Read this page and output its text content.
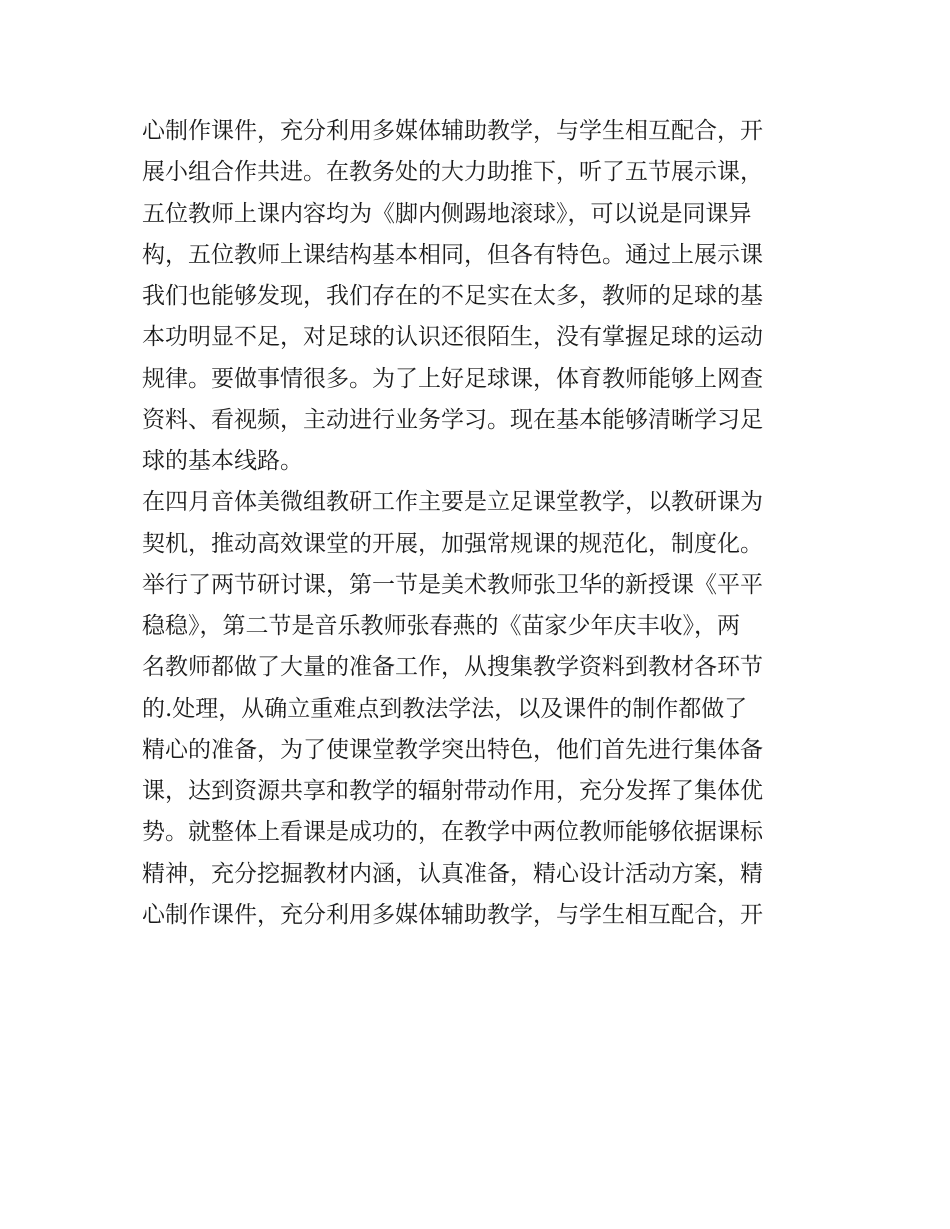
心制作课件，充分利用多媒体辅助教学，与学生相互配合，开
展小组合作共进。在教务处的大力助推下，听了五节展示课，
五位教师上课内容均为《脚内侧踢地滚球》，可以说是同课异
构，五位教师上课结构基本相同，但各有特色。通过上展示课
我们也能够发现，我们存在的不足实在太多，教师的足球的基
本功明显不足，对足球的认识还很陌生，没有掌握足球的运动
规律。要做事情很多。为了上好足球课，体育教师能够上网查
资料、看视频，主动进行业务学习。现在基本能够清晰学习足
球的基本线路。
在四月音体美微组教研工作主要是立足课堂教学，以教研课为
契机，推动高效课堂的开展，加强常规课的规范化，制度化。
举行了两节研讨课，第一节是美术教师张卫华的新授课《平平
稳稳》，第二节是音乐教师张春燕的《苗家少年庆丰收》，两
名教师都做了大量的准备工作，从搜集教学资料到教材各环节
的.处理，从确立重难点到教法学法，以及课件的制作都做了
精心的准备，为了使课堂教学突出特色，他们首先进行集体备
课，达到资源共享和教学的辐射带动作用，充分发挥了集体优
势。就整体上看课是成功的，在教学中两位教师能够依据课标
精神，充分挖掘教材内涵，认真准备，精心设计活动方案，精
心制作课件，充分利用多媒体辅助教学，与学生相互配合，开
